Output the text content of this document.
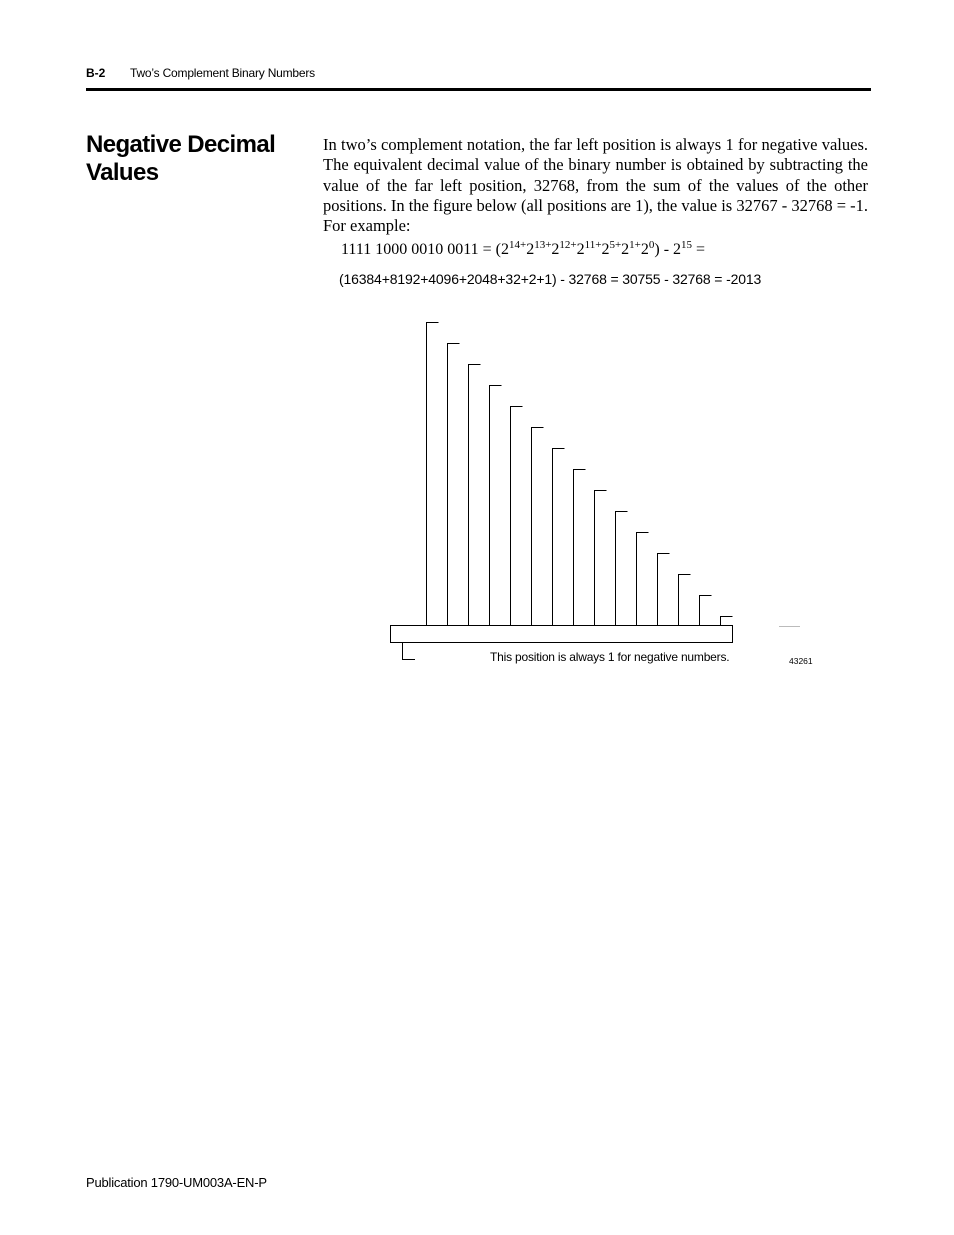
B-2 Two’s Complement Binary Numbers
Negative Decimal Values

In two’s complement notation, the far left position is always 1 for negative values. The equivalent decimal value of the binary number is obtained by subtracting the value of the far left position, 32768, from the sum of the values of the other positions. In the figure below (all positions are 1), the value is 32767 - 32768 = -1. For example:

1111 1000 0010 $0011 = (2^{14+}2^{13+}2^{12+}2^{11+}2^{5+}2^{1+}2^0) - 2^{15}$ =

(16384+8192+4096+2048+32+2+1) - 32768 = 30755 - 32768 = -2013

This position is always 1 for negative numbers.	43261

Publication 1790-UM003A-EN-P
